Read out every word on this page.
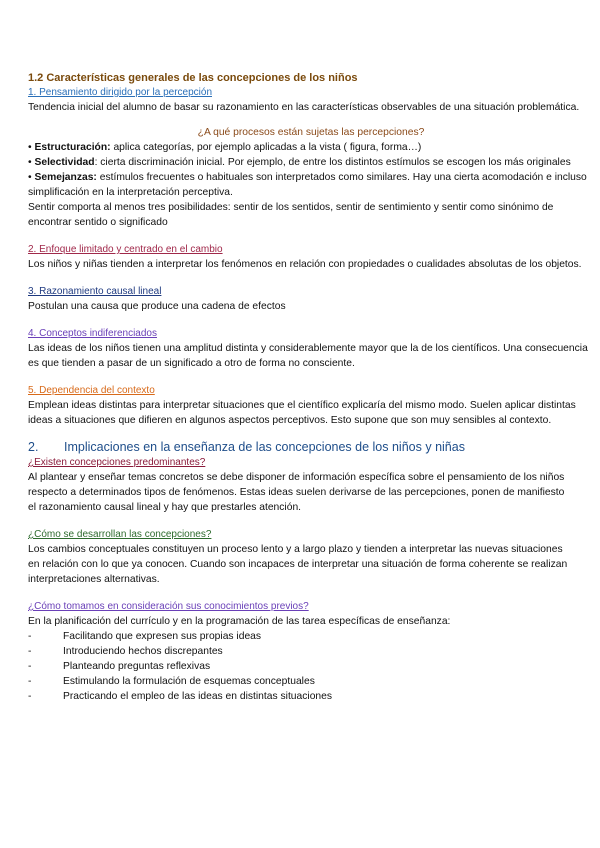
1.2 Características generales de las concepciones de los niños

1. Pensamiento dirigido por la percepción

Tendencia inicial del alumno de basar su razonamiento en las características observables de una situación problemática.

¿A qué procesos están sujetas las percepciones?

• Estructuración: aplica categorías, por ejemplo aplicadas a la vista ( figura, forma…)

• Selectividad: cierta discriminación inicial. Por ejemplo, de entre los distintos estímulos se escogen los más originales

• Semejanzas: estímulos frecuentes o habituales son interpretados como similares. Hay una cierta acomodación e incluso simplificación en la interpretación perceptiva.

Sentir comporta al menos tres posibilidades: sentir de los sentidos, sentir de sentimiento y sentir como sinónimo de encontrar sentido o significado

2. Enfoque limitado y centrado en el cambio

Los niños y niñas tienden a interpretar los fenómenos en relación con propiedades o cualidades absolutas de los objetos.

3. Razonamiento causal lineal

Postulan una causa que produce una cadena de efectos

4. Conceptos indiferenciados

Las ideas de los niños tienen una amplitud distinta y considerablemente mayor que la de los científicos. Una consecuencia es que tienden a pasar de un significado a otro de forma no consciente.

5. Dependencia del contexto

Emplean ideas distintas para interpretar situaciones que el científico explicaría del mismo modo. Suelen aplicar distintas ideas a situaciones que difieren en algunos aspectos perceptivos. Esto supone que son muy sensibles al contexto.

2.	Implicaciones en la enseñanza de las concepciones de los niños y niñas

¿Existen concepciones predominantes?

Al plantear y enseñar temas concretos se debe disponer de información específica sobre el pensamiento de los niños

respecto a determinados tipos de fenómenos. Estas ideas suelen derivarse de las percepciones, ponen de manifiesto

el razonamiento causal lineal y hay que prestarles atención.

¿Cómo se desarrollan las concepciones?

Los cambios conceptuales constituyen un proceso lento y a largo plazo y tienden a interpretar las nuevas situaciones

en relación con lo que ya conocen. Cuando son incapaces de interpretar una situación de forma coherente se realizan

interpretaciones alternativas.

¿Cómo tomamos en consideración sus conocimientos previos?

En la planificación del currículo y en la programación de las tarea específicas de enseñanza:

-	Facilitando que expresen sus propias ideas
-	Introduciendo hechos discrepantes
-	Planteando preguntas reflexivas
-	Estimulando la formulación de esquemas conceptuales
-	Practicando el empleo de las ideas en distintas situaciones
